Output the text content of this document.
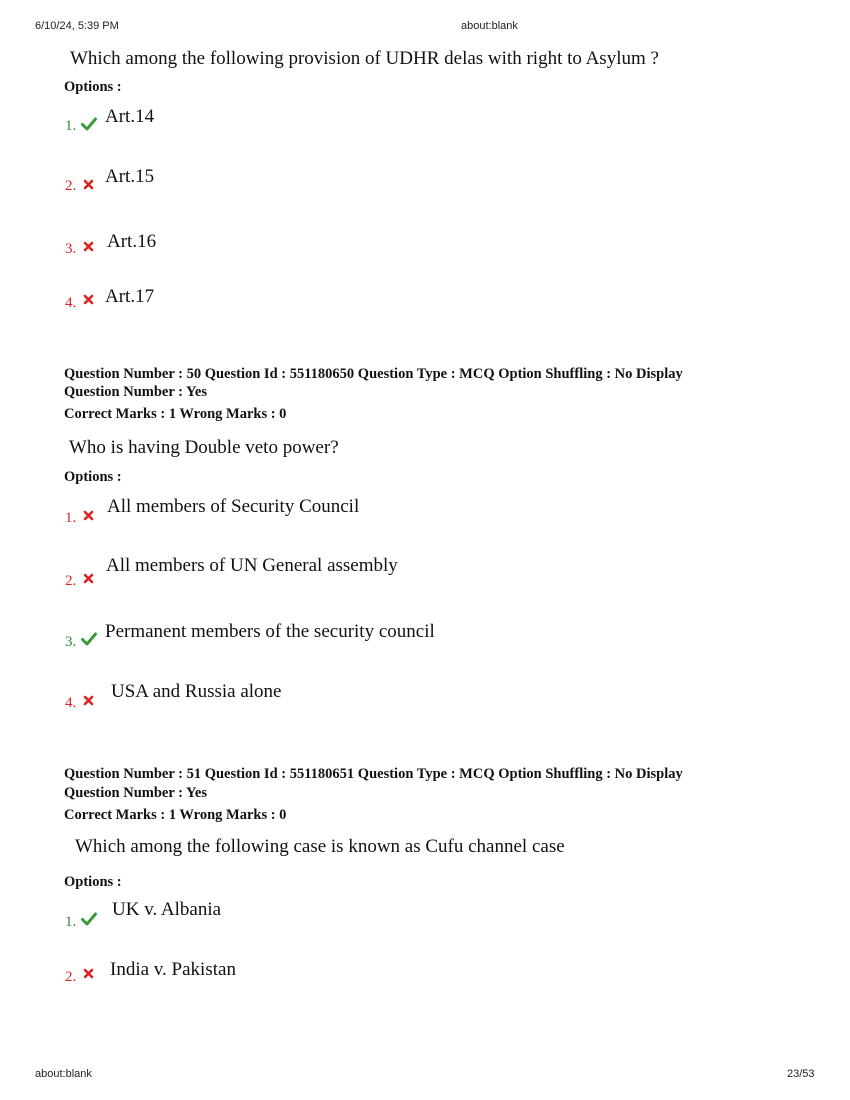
6/10/24, 5:39 PM	about:blank
Which among the following provision of UDHR delas with right to Asylum ?
Options :
1. Art.14
2. Art.15
3. Art.16
4. Art.17
Question Number : 50 Question Id : 551180650 Question Type : MCQ Option Shuffling : No Display
Question Number : Yes
Correct Marks : 1 Wrong Marks : 0
Who is having Double veto power?
Options :
1.
All members of Security Council
2.
All members of UN General assembly
3. Permanent members of the security council
4.
USA and Russia alone
Question Number : 51 Question Id : 551180651 Question Type : MCQ Option Shuffling : No Display
Question Number : Yes
Correct Marks : 1 Wrong Marks : 0
Which among the following case is known as Cufu channel case
Options :
1.
UK v. Albania
2. India v. Pakistan
about:blank	23/53
